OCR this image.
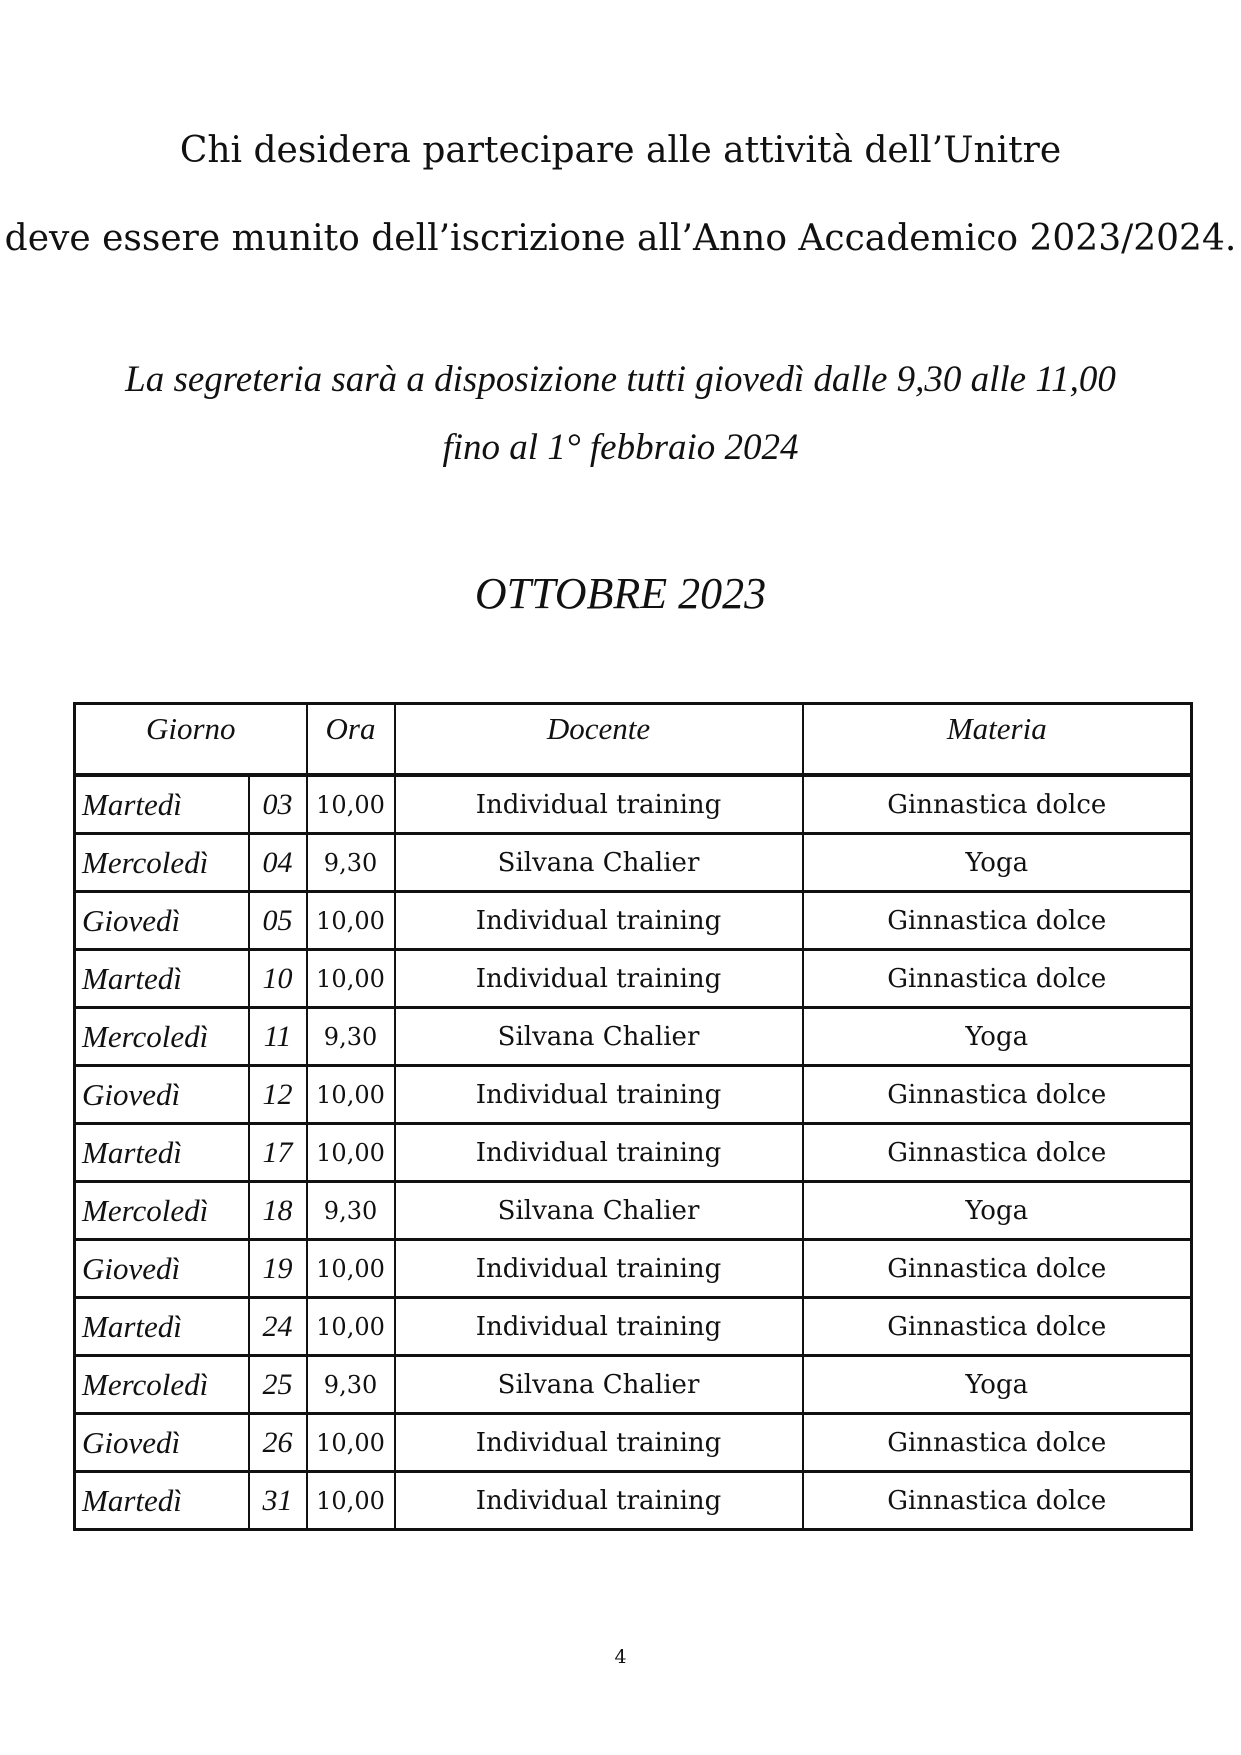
Chi desidera partecipare alle attività dell’Unitre
deve essere munito dell’iscrizione all’Anno Accademico 2023/2024.
La segreteria sarà a disposizione tutti giovedì dalle 9,30 alle 11,00
fino al 1° febbraio 2024
OTTOBRE 2023
Giorno		Ora	Docente	Materia
Martedì	03	10,00	Individual training	Ginnastica dolce
Mercoledì	04	9,30	Silvana Chalier	Yoga
Giovedì	05	10,00	Individual training	Ginnastica dolce
Martedì	10	10,00	Individual training	Ginnastica dolce
Mercoledì	11	9,30	Silvana Chalier	Yoga
Giovedì	12	10,00	Individual training	Ginnastica dolce
Martedì	17	10,00	Individual training	Ginnastica dolce
Mercoledì	18	9,30	Silvana Chalier	Yoga
Giovedì	19	10,00	Individual training	Ginnastica dolce
Martedì	24	10,00	Individual training	Ginnastica dolce
Mercoledì	25	9,30	Silvana Chalier	Yoga
Giovedì	26	10,00	Individual training	Ginnastica dolce
Martedì	31	10,00	Individual training	Ginnastica dolce
4
